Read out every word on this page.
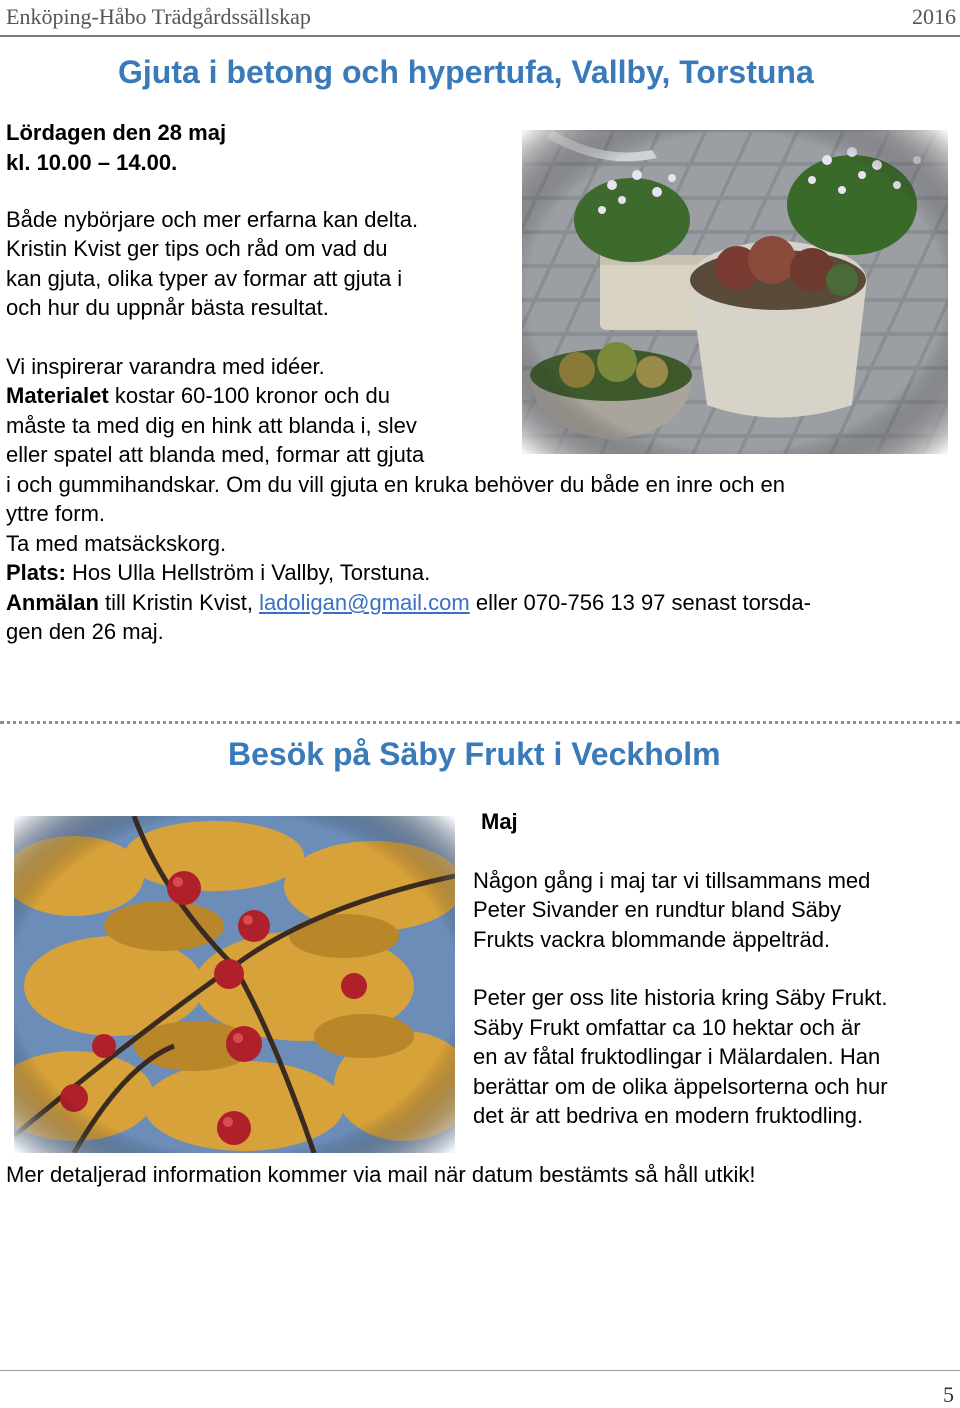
Enköping-Håbo Trädgårdssällskap	2016
Gjuta i betong och hypertufa, Vallby, Torstuna
Lördagen den 28 maj
kl. 10.00 – 14.00.
Både nybörjare och mer erfarna kan delta.
Kristin Kvist ger tips och råd om vad du
kan gjuta, olika typer av formar att gjuta i
och hur du uppnår bästa resultat.
Vi inspirerar varandra med idéer.
Materialet kostar 60-100 kronor och du
måste ta med dig en hink att blanda i, slev
eller spatel att blanda med, formar att gjuta
i och gummihandskar. Om du vill gjuta en kruka behöver du både en inre och en
yttre form.
Ta med matsäckskorg.
Plats: Hos Ulla Hellström i Vallby, Torstuna.
Anmälan till Kristin Kvist, ladoligan@gmail.com eller 070-756 13 97 senast torsda-
gen den 26 maj.
Besök på Säby Frukt i Veckholm
Maj
Någon gång i maj tar vi tillsammans med
Peter Sivander en rundtur bland Säby
Frukts vackra blommande äppelträd.
Peter ger oss lite historia kring Säby Frukt.
Säby Frukt omfattar ca 10 hektar och är
en av fåtal fruktodlingar i Mälardalen. Han
berättar om de olika äppelsorterna och hur
det är att bedriva en modern fruktodling.
Mer detaljerad information kommer via mail när datum bestämts så håll utkik!
5
